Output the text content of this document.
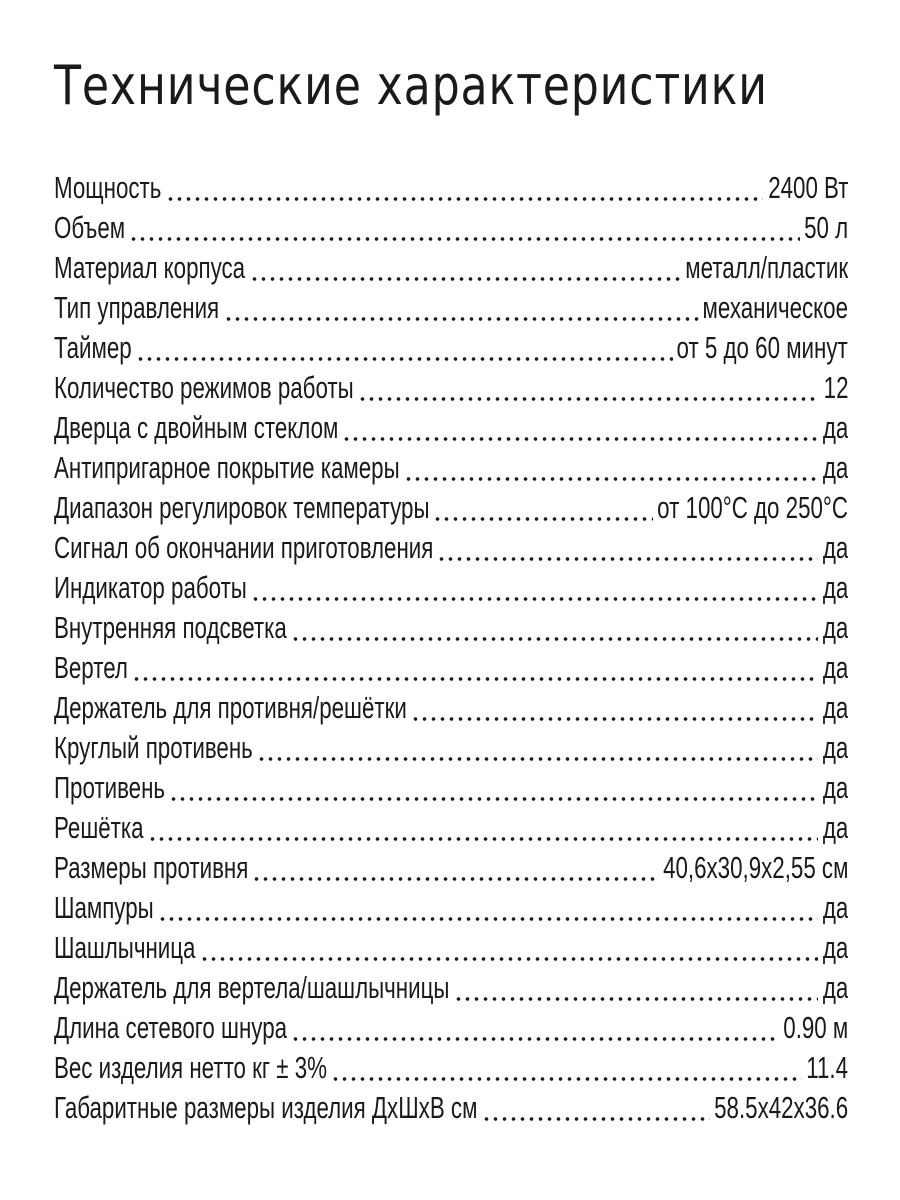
Технические характеристики
Мощность	2400 Вт
Объем	50 л
Материал корпуса	металл/пластик
Тип управления	механическое
Таймер	от 5 до 60 минут
Количество режимов работы	12
Дверца с двойным стеклом	да
Антипригарное покрытие камеры	да
Диапазон регулировок температуры	от 100°С до 250°С
Сигнал об окончании приготовления	да
Индикатор работы	да
Внутренняя подсветка	да
Вертел	да
Держатель для противня/решётки	да
Круглый противень	да
Противень	да
Решётка	да
Размеры противня	40,6х30,9х2,55 см
Шампуры	да
Шашлычница	да
Держатель для вертела/шашлычницы	да
Длина сетевого шнура	0.90 м
Вес изделия нетто кг ± 3%	11.4
Габаритные размеры изделия ДхШхВ см	58.5х42х36.6
